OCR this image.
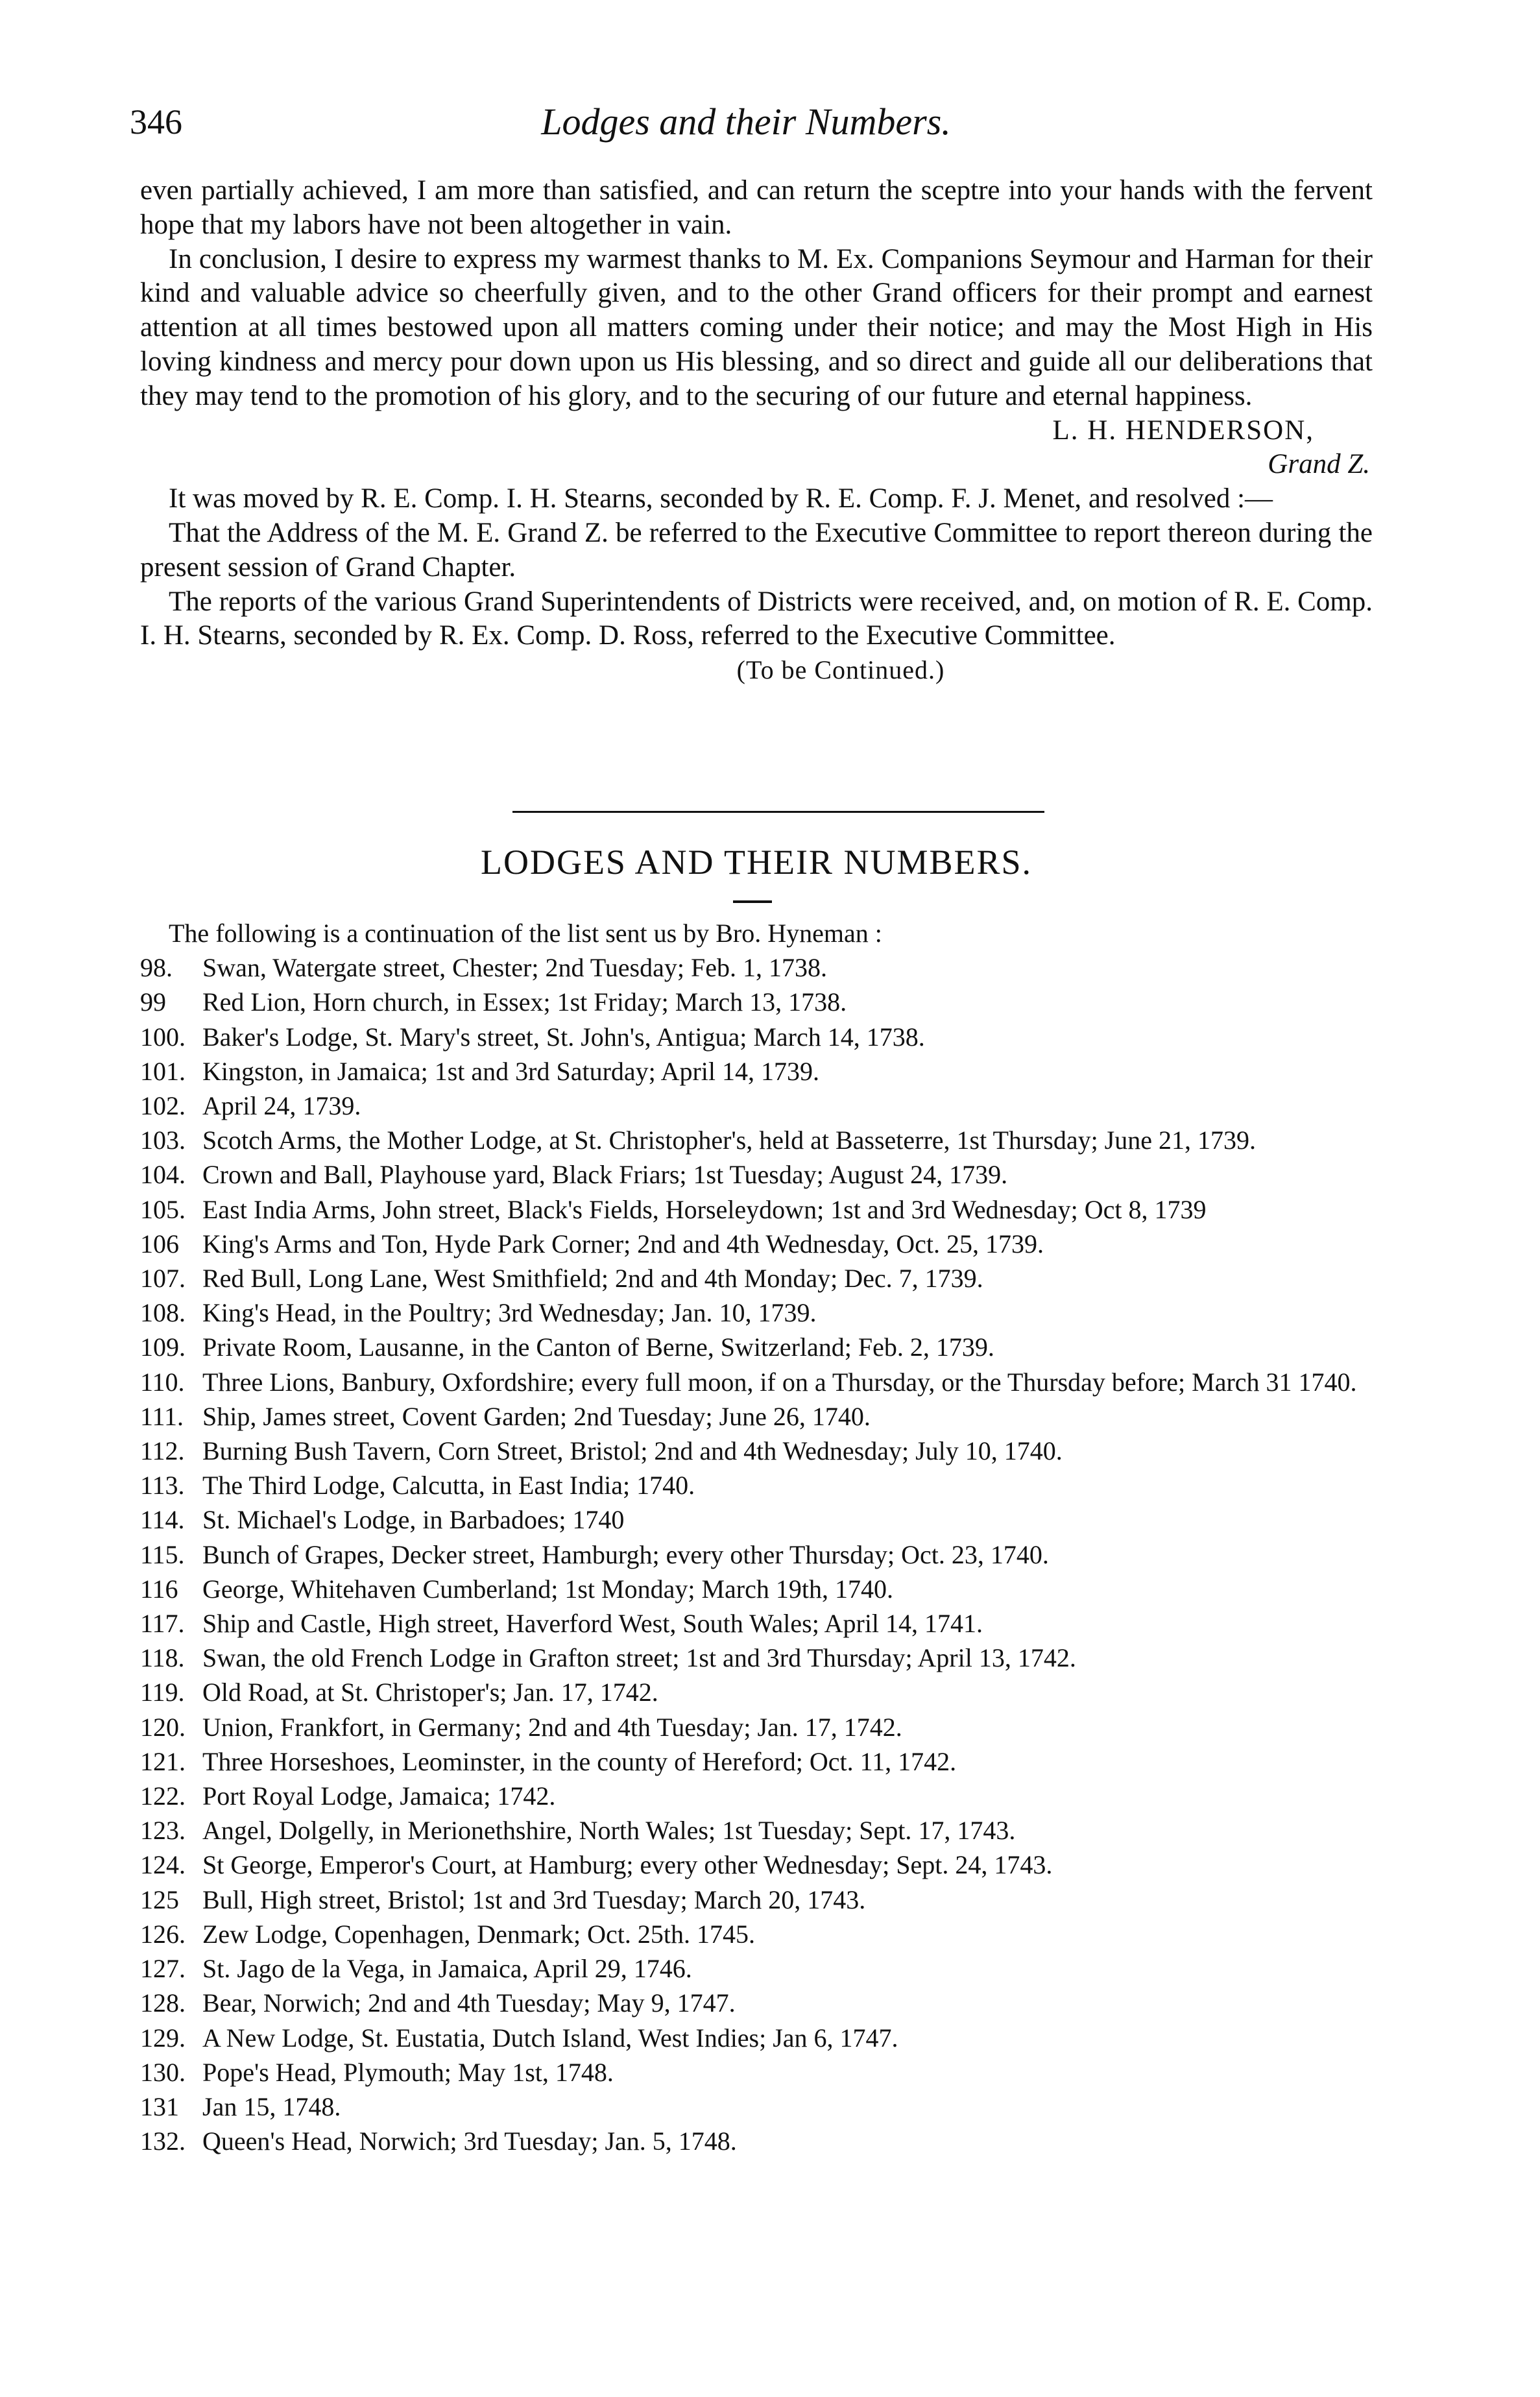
346	Lodges and their Numbers.

even partially achieved, I am more than satisfied, and can return the sceptre into your hands with the fervent hope that my labors have not been altogether in vain.

In conclusion, I desire to express my warmest thanks to M. Ex. Companions Seymour and Harman for their kind and valuable advice so cheerfully given, and to the other Grand officers for their prompt and earnest attention at all times bestowed upon all matters coming under their notice; and may the Most High in His loving kindness and mercy pour down upon us His blessing, and so direct and guide all our deliberations that they may tend to the promotion of his glory, and to the securing of our future and eternal happiness.

L. H. HENDERSON,

Grand Z.

It was moved by R. E. Comp. I. H. Stearns, seconded by R. E. Comp. F. J. Menet, and resolved :—

That the Address of the M. E. Grand Z. be referred to the Executive Committee to report thereon during the present session of Grand Chapter.

The reports of the various Grand Superintendents of Districts were received, and, on motion of R. E. Comp. I. H. Stearns, seconded by R. Ex. Comp. D. Ross, referred to the Executive Committee.

(To be Continued.)

LODGES AND THEIR NUMBERS.

The following is a continuation of the list sent us by Bro. Hyneman :

98.	Swan, Watergate street, Chester; 2nd Tuesday; Feb. 1, 1738.
99	Red Lion, Horn church, in Essex; 1st Friday; March 13, 1738.
100. Baker's Lodge, St. Mary's street, St. John's, Antigua; March 14, 1738.
101. Kingston, in Jamaica; 1st and 3rd Saturday; April 14, 1739.
102. April 24, 1739.
103. Scotch Arms, the Mother Lodge, at St. Christopher's, held at Basseterre, 1st Thursday; June 21, 1739.
104. Crown and Ball, Playhouse yard, Black Friars; 1st Tuesday; August 24, 1739.
105. East India Arms, John street, Black's Fields, Horseleydown; 1st and 3rd Wednesday; Oct 8, 1739
106 King's Arms and Ton, Hyde Park Corner; 2nd and 4th Wednesday, Oct. 25, 1739.
107. Red Bull, Long Lane, West Smithfield; 2nd and 4th Monday; Dec. 7, 1739.
108. King's Head, in the Poultry; 3rd Wednesday; Jan. 10, 1739.
109. Private Room, Lausanne, in the Canton of Berne, Switzerland; Feb. 2, 1739.
110. Three Lions, Banbury, Oxfordshire; every full moon, if on a Thursday, or the Thursday before; March 31 1740.
111. Ship, James street, Covent Garden; 2nd Tuesday; June 26, 1740.
112. Burning Bush Tavern, Corn Street, Bristol; 2nd and 4th Wednesday; July 10, 1740.
113. The Third Lodge, Calcutta, in East India; 1740.
114. St. Michael's Lodge, in Barbadoes; 1740
115. Bunch of Grapes, Decker street, Hamburgh; every other Thursday; Oct. 23, 1740.
116 George, Whitehaven Cumberland; 1st Monday; March 19th, 1740.
117. Ship and Castle, High street, Haverford West, South Wales; April 14, 1741.
118. Swan, the old French Lodge in Grafton street; 1st and 3rd Thursday; April 13, 1742.
119. Old Road, at St. Christoper's; Jan. 17, 1742.
120. Union, Frankfort, in Germany; 2nd and 4th Tuesday; Jan. 17, 1742.
121. Three Horseshoes, Leominster, in the county of Hereford; Oct. 11, 1742.
122. Port Royal Lodge, Jamaica; 1742.
123. Angel, Dolgelly, in Merionethshire, North Wales; 1st Tuesday; Sept. 17, 1743.
124. St George, Emperor's Court, at Hamburg; every other Wednesday; Sept. 24, 1743.
125 Bull, High street, Bristol; 1st and 3rd Tuesday; March 20, 1743.
126. Zew Lodge, Copenhagen, Denmark; Oct. 25th. 1745.
127. St. Jago de la Vega, in Jamaica, April 29, 1746.
128. Bear, Norwich; 2nd and 4th Tuesday; May 9, 1747.
129. A New Lodge, St. Eustatia, Dutch Island, West Indies; Jan 6, 1747.
130. Pope's Head, Plymouth; May 1st, 1748.
131 Jan 15, 1748.
132. Queen's Head, Norwich; 3rd Tuesday; Jan. 5, 1748.
